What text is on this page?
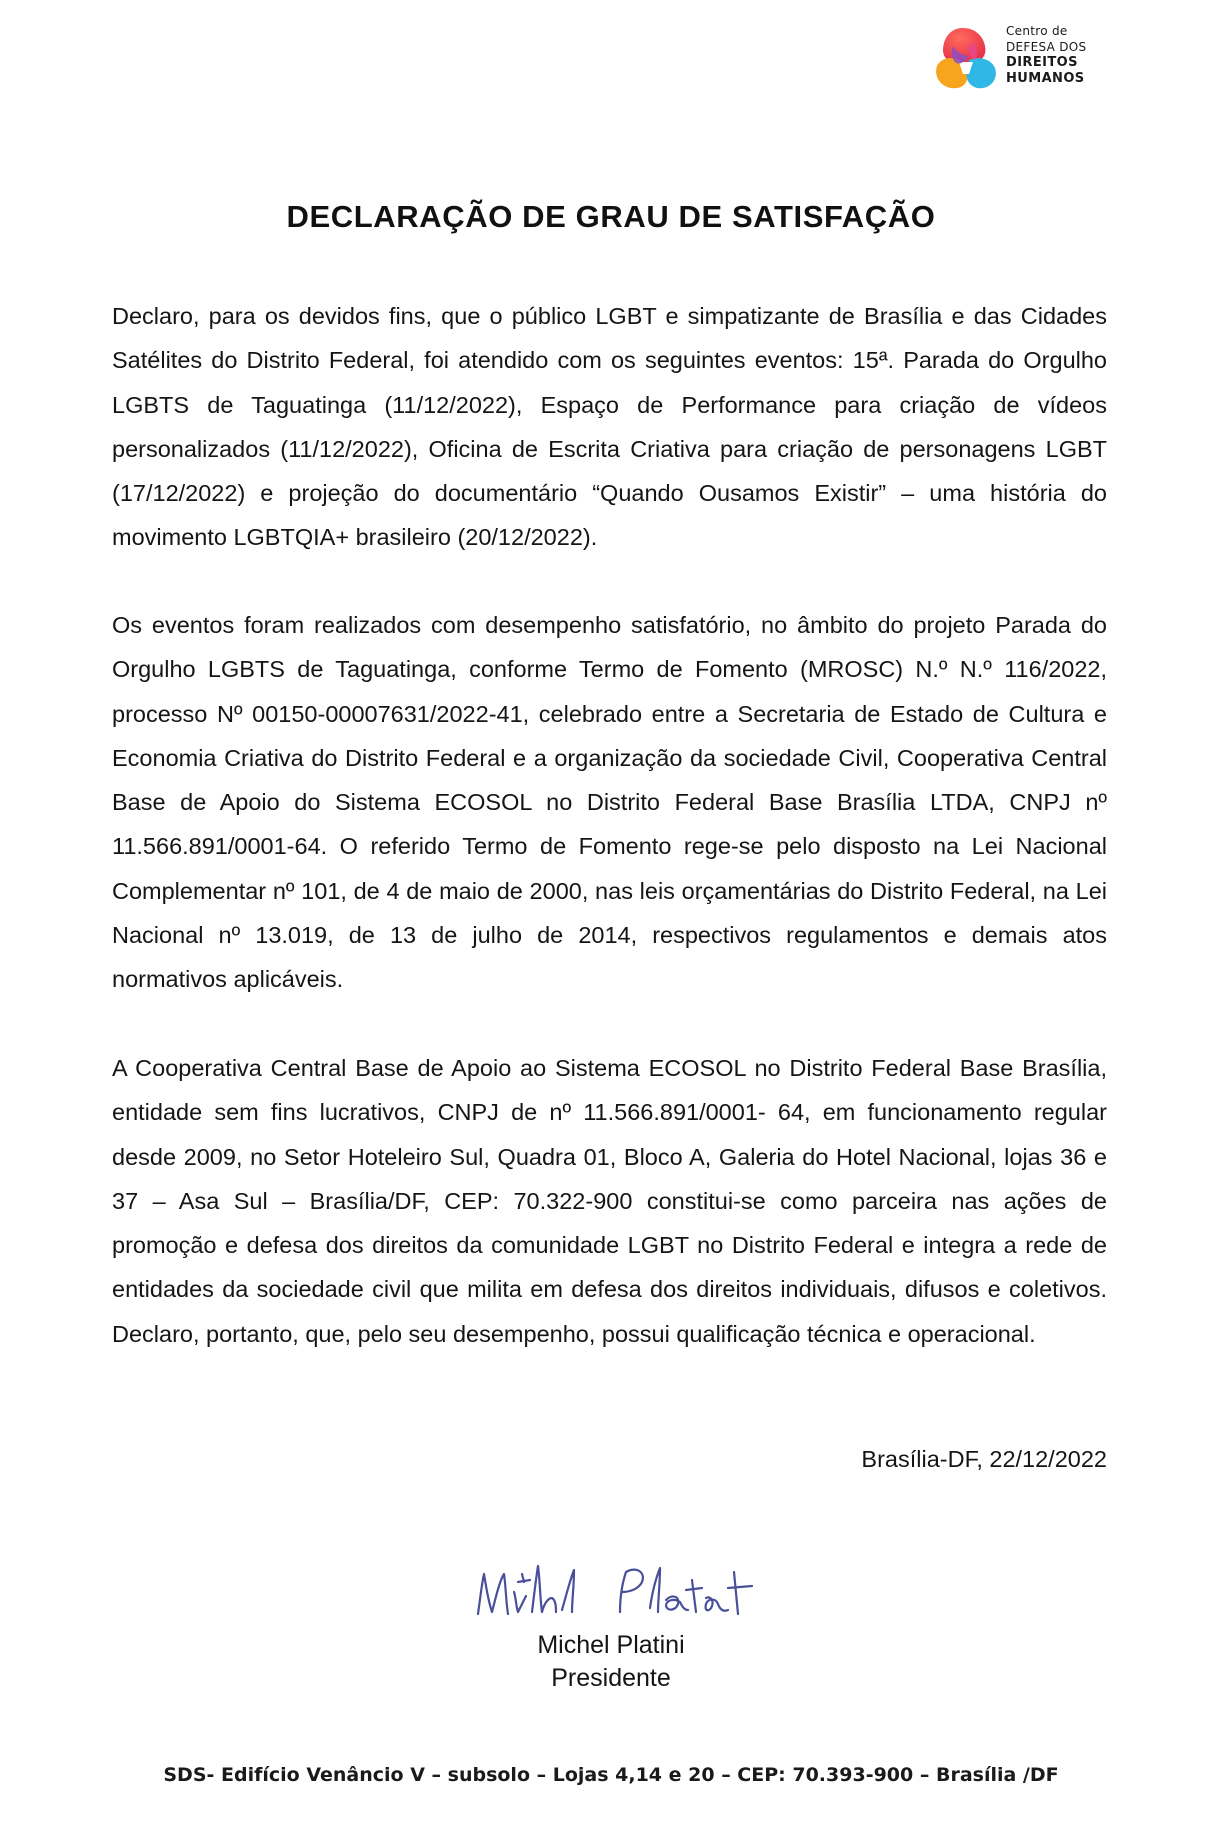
Centro de
DEFESA DOS
DIREITOS
HUMANOS
DECLARAÇÃO DE GRAU DE SATISFAÇÃO
Declaro, para os devidos fins, que o público LGBT e simpatizante de Brasília e das Cidades Satélites do Distrito Federal, foi atendido com os seguintes eventos: 15ª. Parada do Orgulho LGBTS de Taguatinga (11/12/2022), Espaço de Performance para criação de vídeos personalizados (11/12/2022), Oficina de Escrita Criativa para criação de personagens LGBT (17/12/2022) e projeção do documentário “Quando Ousamos Existir” – uma história do movimento LGBTQIA+ brasileiro (20/12/2022).
Os eventos foram realizados com desempenho satisfatório, no âmbito do projeto Parada do Orgulho LGBTS de Taguatinga, conforme Termo de Fomento (MROSC) N.º N.º 116/2022, processo Nº 00150-00007631/2022-41, celebrado entre a Secretaria de Estado de Cultura e Economia Criativa do Distrito Federal e a organização da sociedade Civil, Cooperativa Central Base de Apoio do Sistema ECOSOL no Distrito Federal Base Brasília LTDA, CNPJ nº 11.566.891/0001-64. O referido Termo de Fomento rege-se pelo disposto na Lei Nacional Complementar nº 101, de 4 de maio de 2000, nas leis orçamentárias do Distrito Federal, na Lei Nacional nº 13.019, de 13 de julho de 2014, respectivos regulamentos e demais atos normativos aplicáveis.
A Cooperativa Central Base de Apoio ao Sistema ECOSOL no Distrito Federal Base Brasília, entidade sem fins lucrativos, CNPJ de nº 11.566.891/0001- 64, em funcionamento regular desde 2009, no Setor Hoteleiro Sul, Quadra 01, Bloco A, Galeria do Hotel Nacional, lojas 36 e 37 – Asa Sul – Brasília/DF, CEP: 70.322-900 constitui-se como parceira nas ações de promoção e defesa dos direitos da comunidade LGBT no Distrito Federal e integra a rede de entidades da sociedade civil que milita em defesa dos direitos individuais, difusos e coletivos. Declaro, portanto, que, pelo seu desempenho, possui qualificação técnica e operacional.
Brasília-DF, 22/12/2022
Michel Platini
Presidente
SDS- Edifício Venâncio V – subsolo – Lojas 4,14 e 20 – CEP: 70.393-900 – Brasília /DF
